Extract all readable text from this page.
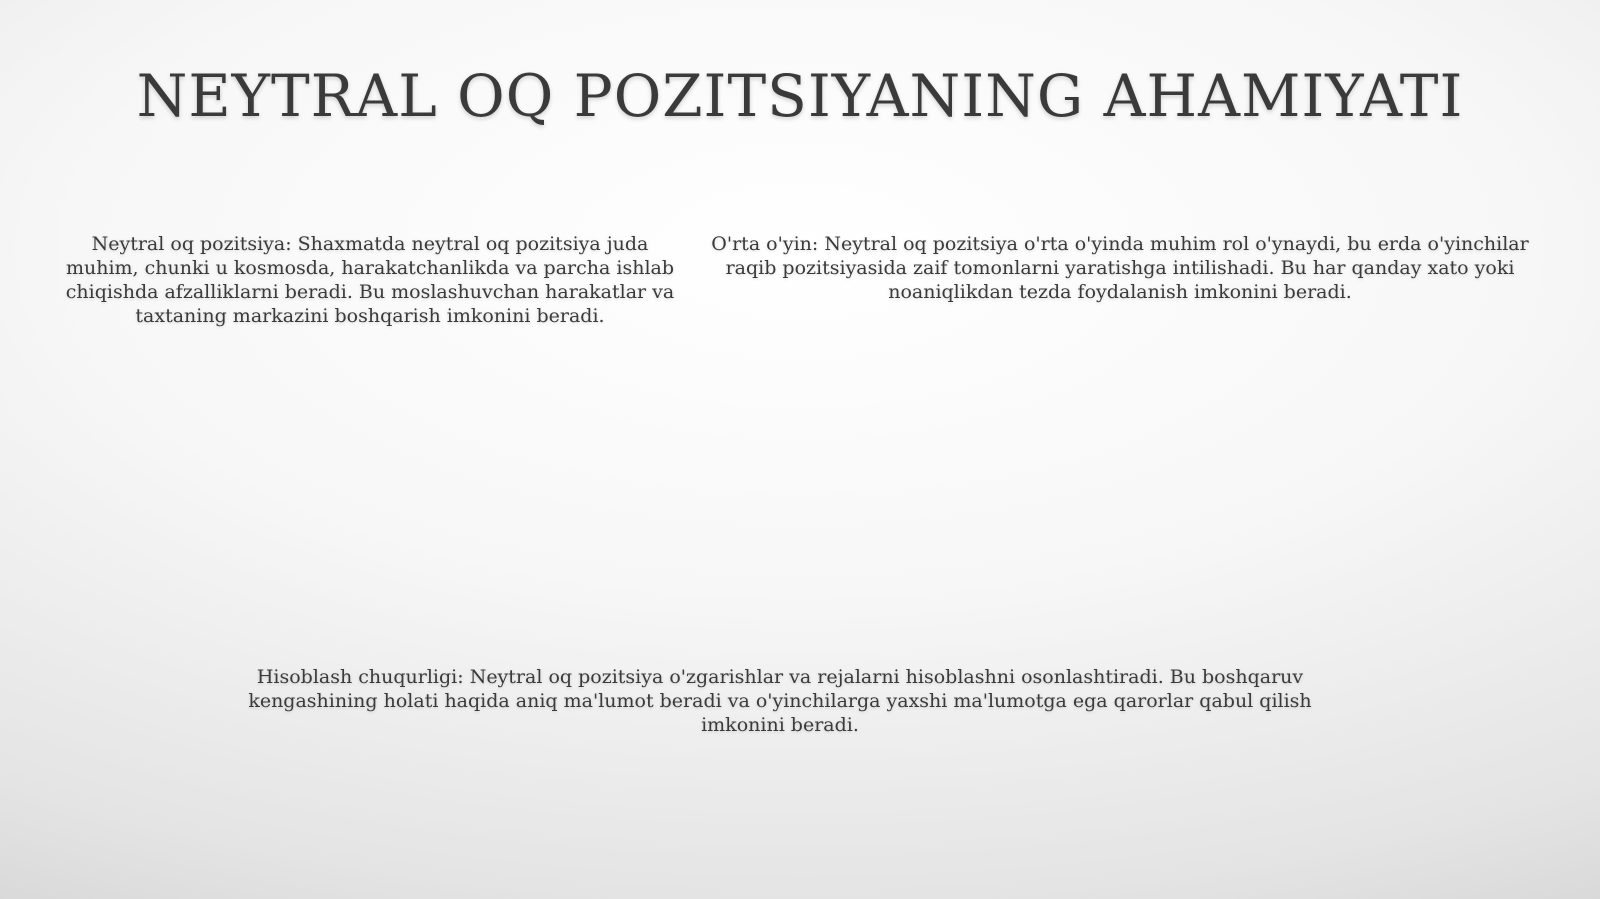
NEYTRAL OQ POZITSIYANING AHAMIYATI

Neytral oq pozitsiya: Shaxmatda neytral oq pozitsiya juda muhim, chunki u kosmosda, harakatchanlikda va parcha ishlab chiqishda afzalliklarni beradi. Bu moslashuvchan harakatlar va taxtaning markazini boshqarish imkonini beradi.

O'rta o'yin: Neytral oq pozitsiya o'rta o'yinda muhim rol o'ynaydi, bu erda o'yinchilar raqib pozitsiyasida zaif tomonlarni yaratishga intilishadi. Bu har qanday xato yoki noaniqlikdan tezda foydalanish imkonini beradi.

Hisoblash chuqurligi: Neytral oq pozitsiya o'zgarishlar va rejalarni hisoblashni osonlashtiradi. Bu boshqaruv kengashining holati haqida aniq ma'lumot beradi va o'yinchilarga yaxshi ma'lumotga ega qarorlar qabul qilish imkonini beradi.
